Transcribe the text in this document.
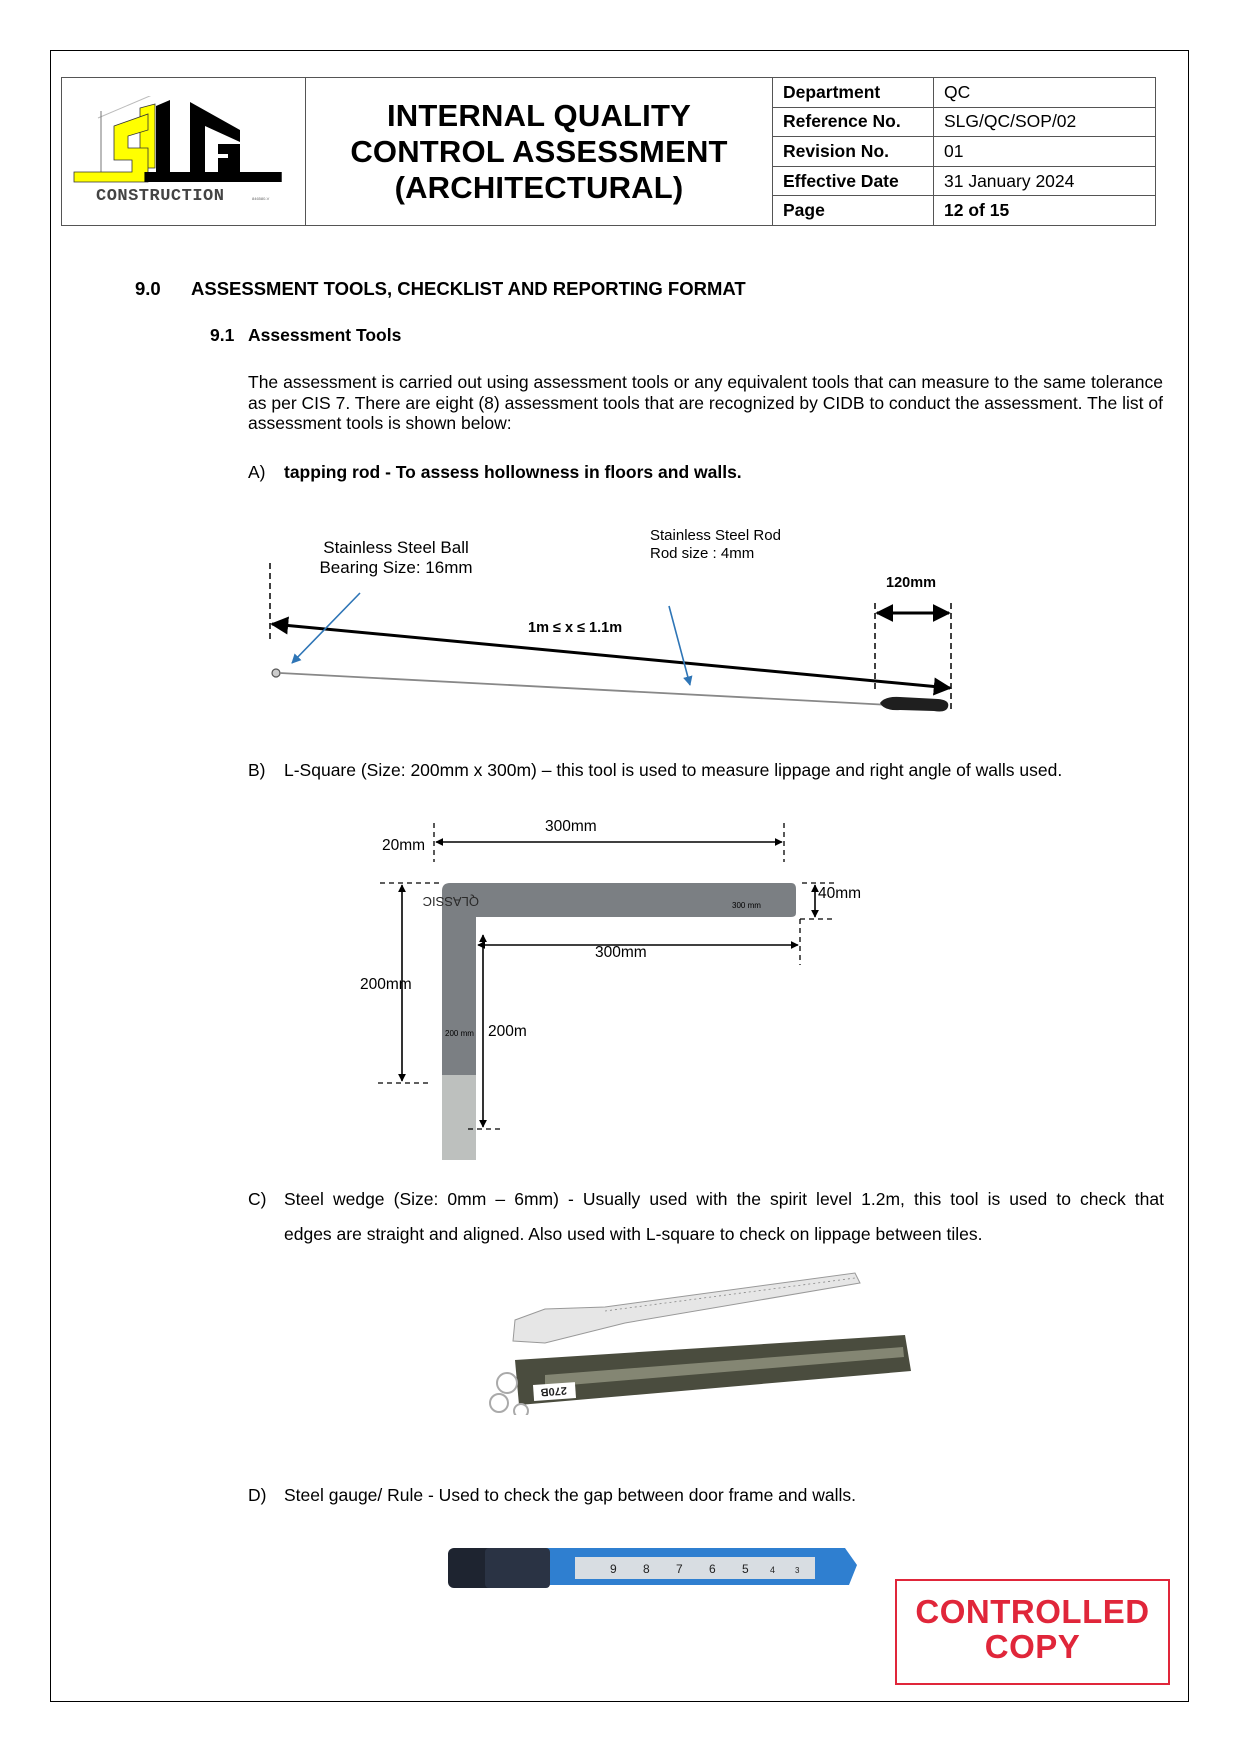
CONSTRUCTION	846580-V
INTERNAL QUALITY
CONTROL ASSESSMENT
(ARCHITECTURAL)
Department	QC
Reference No.	SLG/QC/SOP/02
Revision No.	01
Effective Date	31 January 2024
Page	12 of 15
9.0 ASSESSMENT TOOLS, CHECKLIST AND REPORTING FORMAT
9.1 Assessment Tools
The assessment is carried out using assessment tools or any equivalent tools that can measure to the same tolerance as per CIS 7. There are eight (8) assessment tools that are recognized by CIDB to conduct the assessment. The list of assessment tools is shown below:
A) tapping rod - To assess hollowness in floors and walls.
Stainless Steel Ball
Bearing Size: 16mm
Stainless Steel Rod
Rod size : 4mm
120mm
1m ≤ x ≤ 1.1m
B) L-Square (Size: 200mm x 300m) – this tool is used to measure lippage and right angle of walls used.
QLASSIC	300 mm
200 mm
300mm
20mm
40mm
300mm
200mm
200m
C) Steel wedge (Size: 0mm – 6mm) - Usually used with the spirit level 1.2m, this tool is used to check that
edges are straight and aligned. Also used with L-square to check on lippage between tiles.
270B
D) Steel gauge/ Rule - Used to check the gap between door frame and walls.
9 8 7 6 5 4 3
CONTROLLED
COPY
